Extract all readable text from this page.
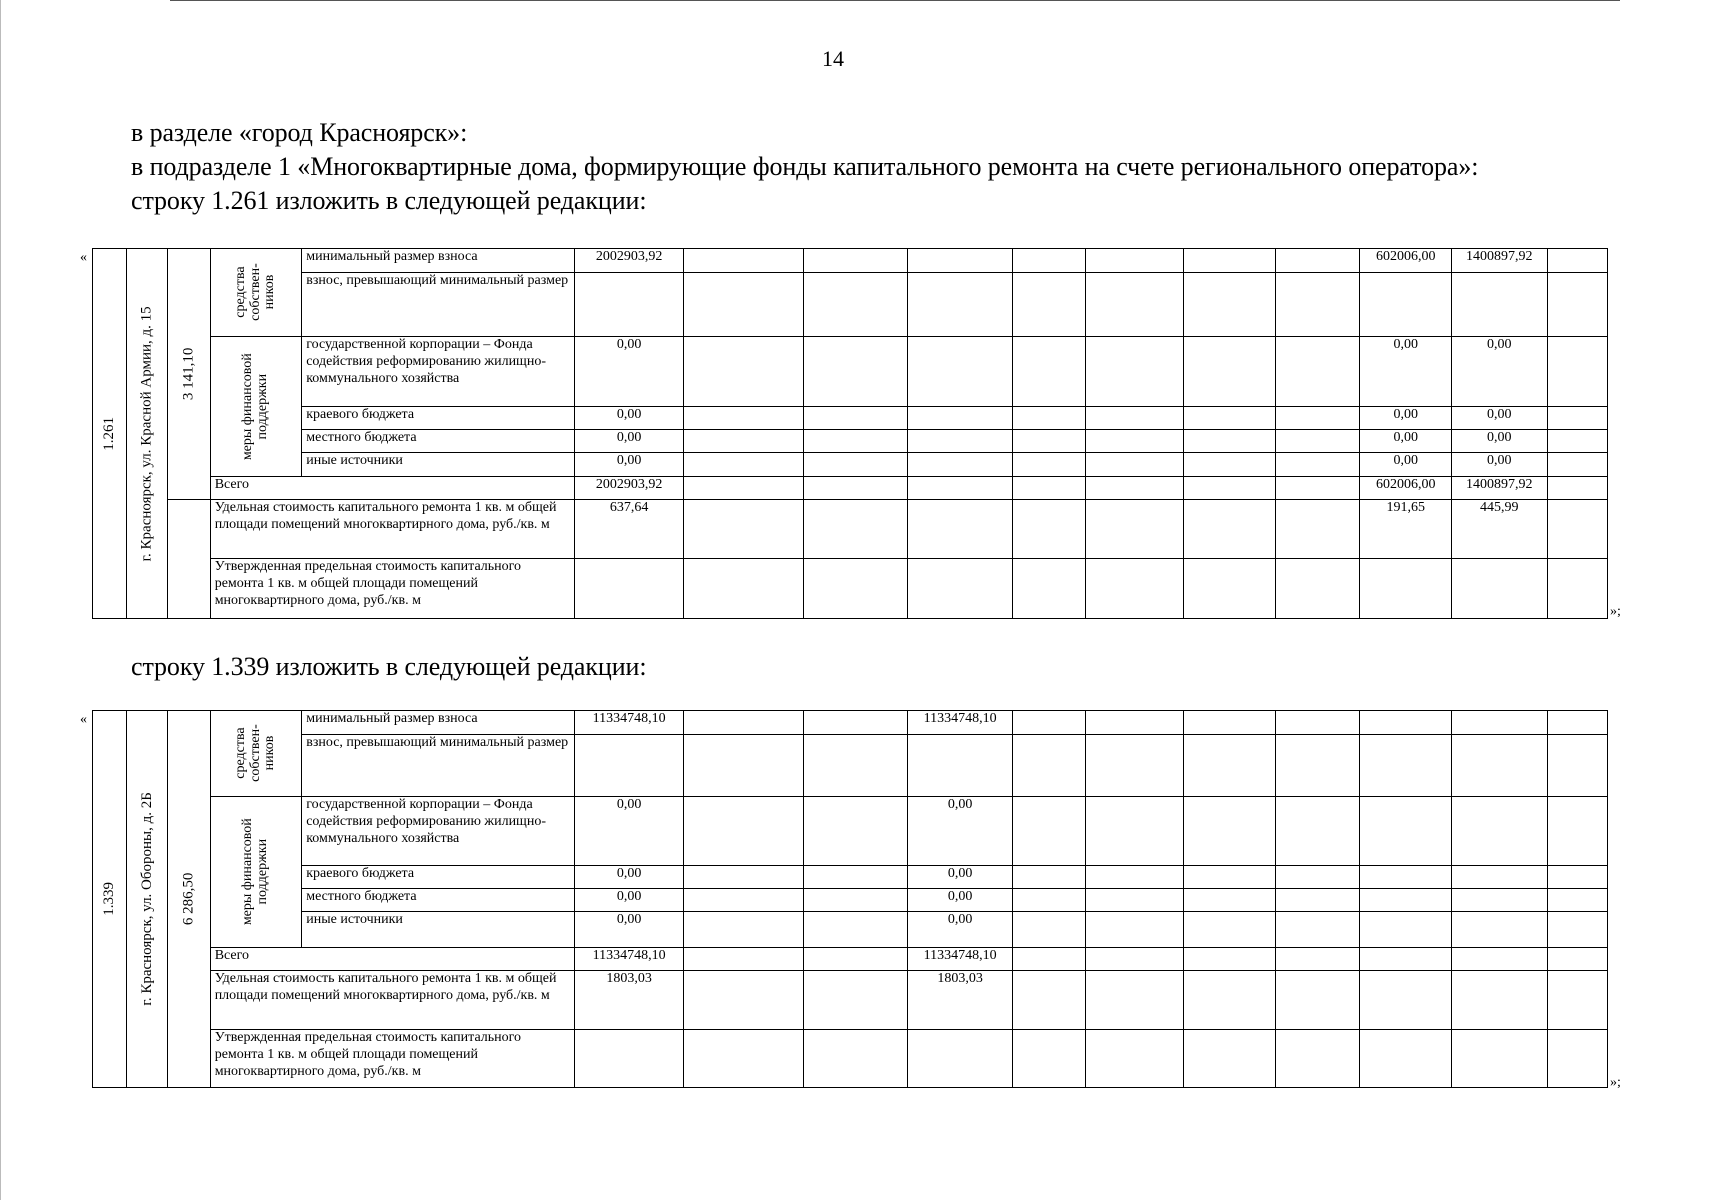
14
в разделе «город Красноярск»:
в подразделе 1 «Многоквартирные дома, формирующие фонды капитального ремонта на счете регионального оператора»:
строку 1.261 изложить в следующей редакции:
«
»;
1.261	г. Красноярск, ул. Красной Армии, д. 15	3 141,10	средства собствен- ников	минимальный размер взноса	2002903,92								602006,00	1400897,92	
				взнос, превышающий минимальный размер											

			меры финансовой поддержки	государственной корпорации – Фонда содействия реформированию жилищно-коммунального хозяйства	0,00								0,00	0,00	
				краевого бюджета	0,00								0,00	0,00	
				местного бюджета	0,00								0,00	0,00	
				иные источники	0,00								0,00	0,00	
			Всего		2002903,92								602006,00	1400897,92	
			Удельная стоимость капитального ремонта 1 кв. м общей площади помещений многоквартирного дома, руб./кв. м		637,64								191,65	445,99	
			Утвержденная предельная стоимость капитального ремонта 1 кв. м общей площади помещений многоквартирного дома, руб./кв. м												
строку 1.339 изложить в следующей редакции:
«
»;
1.339	г. Красноярск, ул. Обороны, д. 2Б	6 286,50	средства собствен- ников	минимальный размер взноса	11334748,10			11334748,10							
				взнос, превышающий минимальный размер											

			меры финансовой поддержки	государственной корпорации – Фонда содействия реформированию жилищно-коммунального хозяйства	0,00			0,00							
				краевого бюджета	0,00			0,00							
				местного бюджета	0,00			0,00							
				иные источники	0,00			0,00							
			Всего		11334748,10			11334748,10							
			Удельная стоимость капитального ремонта 1 кв. м общей площади помещений многоквартирного дома, руб./кв. м		1803,03			1803,03							
			Утвержденная предельная стоимость капитального ремонта 1 кв. м общей площади помещений многоквартирного дома, руб./кв. м												
